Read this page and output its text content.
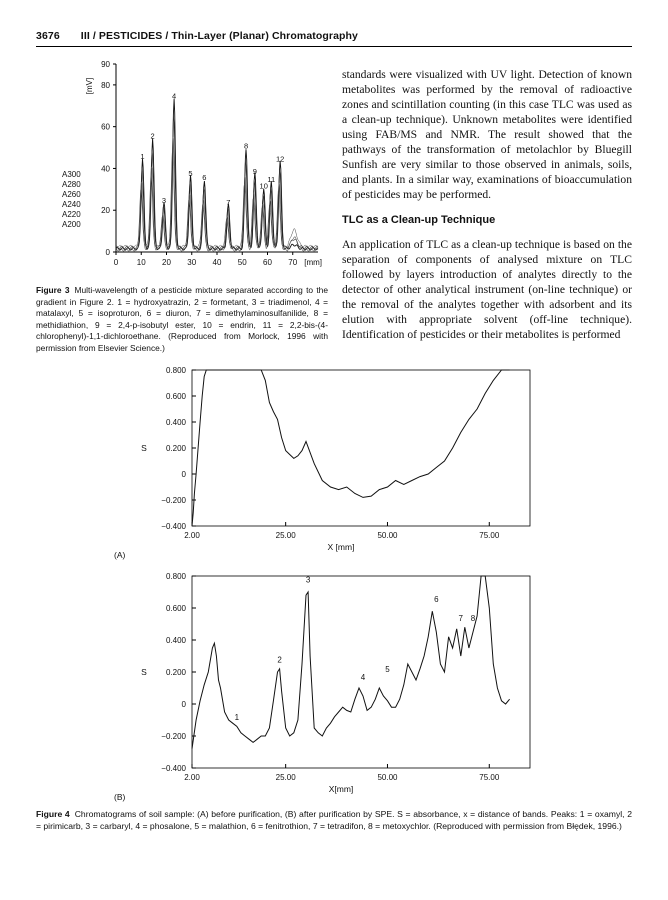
3676 III / PESTICIDES / Thin-Layer (Planar) Chromatography
0 10 20 30 40 50 60 70 [mm]
0
20
40
60
80
90
[mV]
A300
A280
A260
A240
A220
A200
1
2
3
4
5 6
7
8
9
10
11
12
Figure 3 Multi-wavelength of a pesticide mixture separated according to the gradient in Figure 2. 1 = hydroxyatrazin, 2 = formetant, 3 = triadimenol, 4 = matalaxyl, 5 = isoproturon, 6 = diuron, 7 = dimethylaminosulfanilide, 8 = methidiathion, 9 = 2,4-p-isobutyl ester, 10 = endrin, 11 = 2,2-bis-(4-chlorophenyl)-1,1-dichloroethane. (Reproduced from Morlock, 1996 with permission from Elsevier Science.)

standards were visualized with UV light. Detection of known metabolites was performed by the removal of radioactive zones and scintillation counting (in this case TLC was used as a clean-up technique). Unknown metabolites were identified using FAB/MS and NMR. The result showed that the pathways of the transformation of metolachlor by Bluegill Sunfish are very similar to those observed in animals, soils, and plants. In a similar way, examinations of bioaccumulation of pesticides may be performed.

TLC as a Clean-up Technique

An application of TLC as a clean-up technique is based on the separation of components of analysed mixture on TLC followed by layers introduction of analytes directly to the detector of other analytical instrument (on-line technique) or the removal of the analytes together with adsorbent and its elution with appropriate solvent (off-line technique). Identification of pesticides or their metabolites is performed

0.800
0.600
0.400
0.200
0
−0.200
−0.400
2.00	25.00	50.00	75.00
X [mm]
S
(A)
0.800
0.600
0.400
0.200
0
−0.200
−0.400
2.00	25.00	50.00	75.00
X[mm]
S
(B)
1
2
3
4
5
6
7 8
Figure 4 Chromatograms of soil sample: (A) before purification, (B) after purification by SPE. S = absorbance, x = distance of bands. Peaks: 1 = oxamyl, 2 = pirimicarb, 3 = carbaryl, 4 = phosalone, 5 = malathion, 6 = fenitrothion, 7 = tetradifon, 8 = metoxychlor. (Reproduced with permission from Błędek, 1996.)
